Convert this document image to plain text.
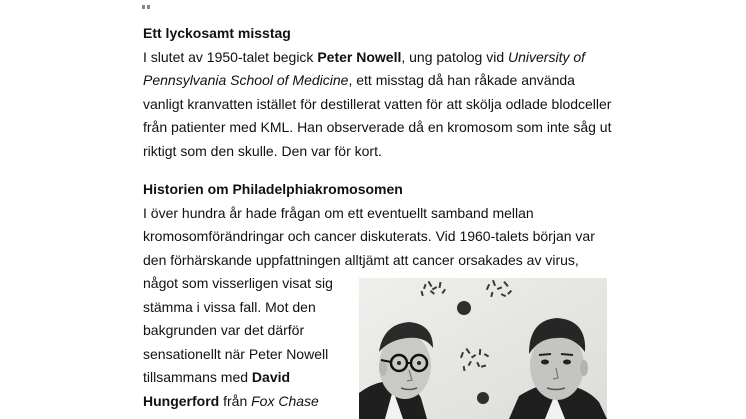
Ett lyckosamt misstag
I slutet av 1950-talet begick Peter Nowell, ung patolog vid University of
Pennsylvania School of Medicine, ett misstag då han råkade använda
vanligt kranvatten istället för destillerat vatten för att skölja odlade blodceller
från patienter med KML. Han observerade då en kromosom som inte såg ut
riktigt som den skulle. Den var för kort.
Historien om Philadelphiakromosomen
I över hundra år hade frågan om ett eventuellt samband mellan
kromosomförändringar och cancer diskuterats. Vid 1960-talets början var
den förhärskande uppfattningen alltjämt att cancer orsakades av virus,
något som visserligen visat sig
stämma i vissa fall. Mot den
bakgrunden var det därför
sensationellt när Peter Nowell
tillsammans med David
Hungerford från Fox Chase
